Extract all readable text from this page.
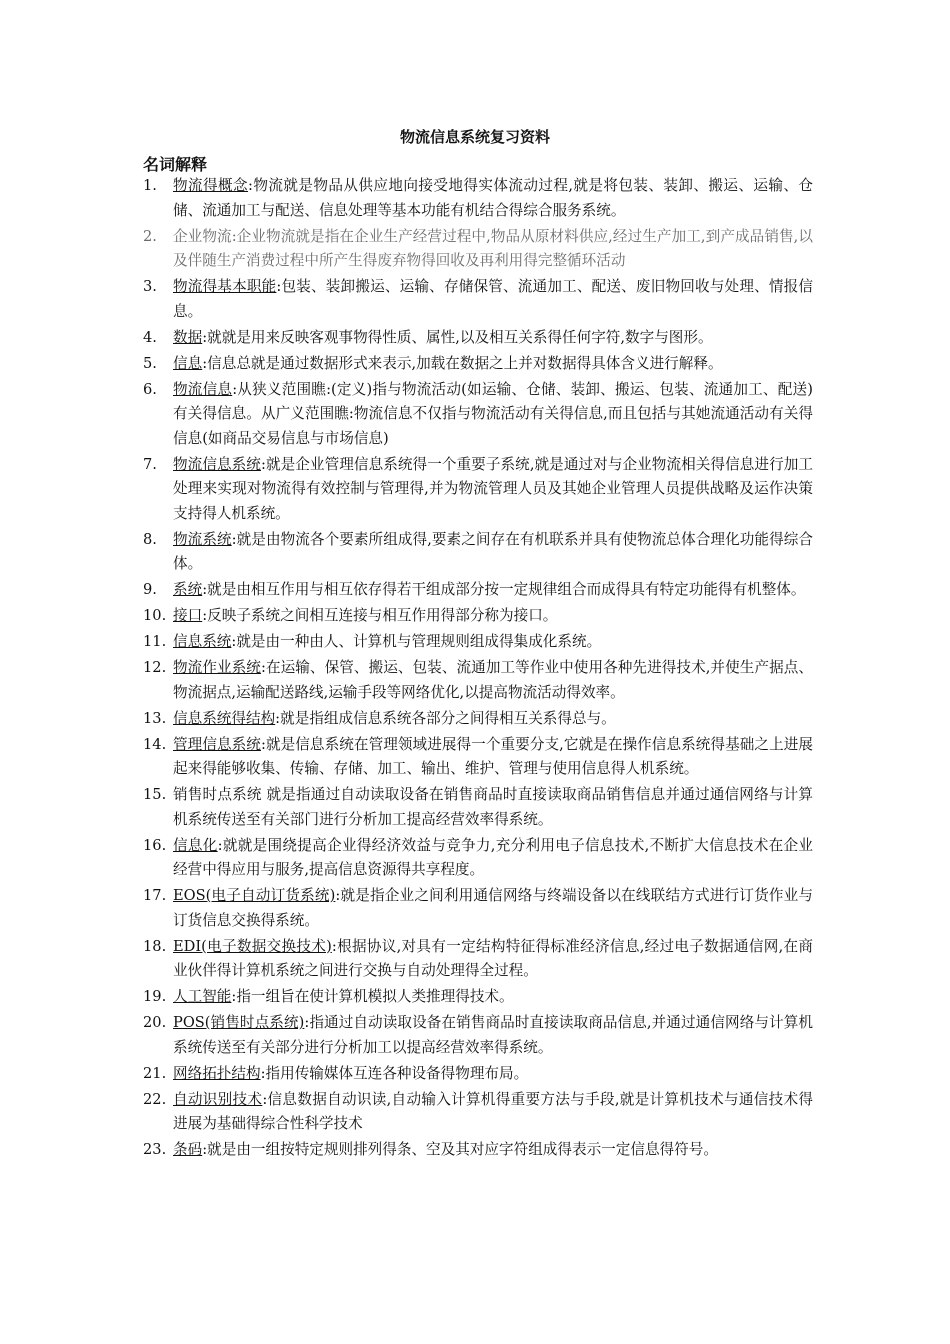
物流信息系统复习资料
名词解释
1.	物流得概念:物流就是物品从供应地向接受地得实体流动过程,就是将包装、装卸、搬运、运输、仓储、流通加工与配送、信息处理等基本功能有机结合得综合服务系统。
2.	企业物流:企业物流就是指在企业生产经营过程中,物品从原材料供应,经过生产加工,到产成品销售,以及伴随生产消费过程中所产生得废弃物得回收及再利用得完整循环活动
3.	物流得基本职能:包装、装卸搬运、运输、存储保管、流通加工、配送、废旧物回收与处理、情报信息。
4.	数据:就就是用来反映客观事物得性质、属性,以及相互关系得任何字符,数字与图形。
5.	信息:信息总就是通过数据形式来表示,加载在数据之上并对数据得具体含义进行解释。
6.	物流信息:从狭义范围瞧:(定义)指与物流活动(如运输、仓储、装卸、搬运、包装、流通加工、配送)有关得信息。从广义范围瞧:物流信息不仅指与物流活动有关得信息,而且包括与其她流通活动有关得信息(如商品交易信息与市场信息)
7.	物流信息系统:就是企业管理信息系统得一个重要子系统,就是通过对与企业物流相关得信息进行加工处理来实现对物流得有效控制与管理得,并为物流管理人员及其她企业管理人员提供战略及运作决策支持得人机系统。
8.	物流系统:就是由物流各个要素所组成得,要素之间存在有机联系并具有使物流总体合理化功能得综合体。
9.	系统:就是由相互作用与相互依存得若干组成部分按一定规律组合而成得具有特定功能得有机整体。
10. 接口:反映子系统之间相互连接与相互作用得部分称为接口。
11. 信息系统:就是由一种由人、计算机与管理规则组成得集成化系统。
12. 物流作业系统:在运输、保管、搬运、包装、流通加工等作业中使用各种先进得技术,并使生产据点、物流据点,运输配送路线,运输手段等网络优化,以提高物流活动得效率。
13. 信息系统得结构:就是指组成信息系统各部分之间得相互关系得总与。
14. 管理信息系统:就是信息系统在管理领域进展得一个重要分支,它就是在操作信息系统得基础之上进展起来得能够收集、传输、存储、加工、输出、维护、管理与使用信息得人机系统。
15. 销售时点系统 就是指通过自动读取设备在销售商品时直接读取商品销售信息并通过通信网络与计算机系统传送至有关部门进行分析加工提高经营效率得系统。
16. 信息化:就就是围绕提高企业得经济效益与竞争力,充分利用电子信息技术,不断扩大信息技术在企业经营中得应用与服务,提高信息资源得共享程度。
17. EOS(电子自动订货系统):就是指企业之间利用通信网络与终端设备以在线联结方式进行订货作业与订货信息交换得系统。
18. EDI(电子数据交换技术):根据协议,对具有一定结构特征得标准经济信息,经过电子数据通信网,在商业伙伴得计算机系统之间进行交换与自动处理得全过程。
19. 人工智能:指一组旨在使计算机模拟人类推理得技术。
20. POS(销售时点系统):指通过自动读取设备在销售商品时直接读取商品信息,并通过通信网络与计算机系统传送至有关部分进行分析加工以提高经营效率得系统。
21. 网络拓扑结构:指用传输媒体互连各种设备得物理布局。
22. 自动识别技术:信息数据自动识读,自动输入计算机得重要方法与手段,就是计算机技术与通信技术得进展为基础得综合性科学技术
23. 条码:就是由一组按特定规则排列得条、空及其对应字符组成得表示一定信息得符号。
